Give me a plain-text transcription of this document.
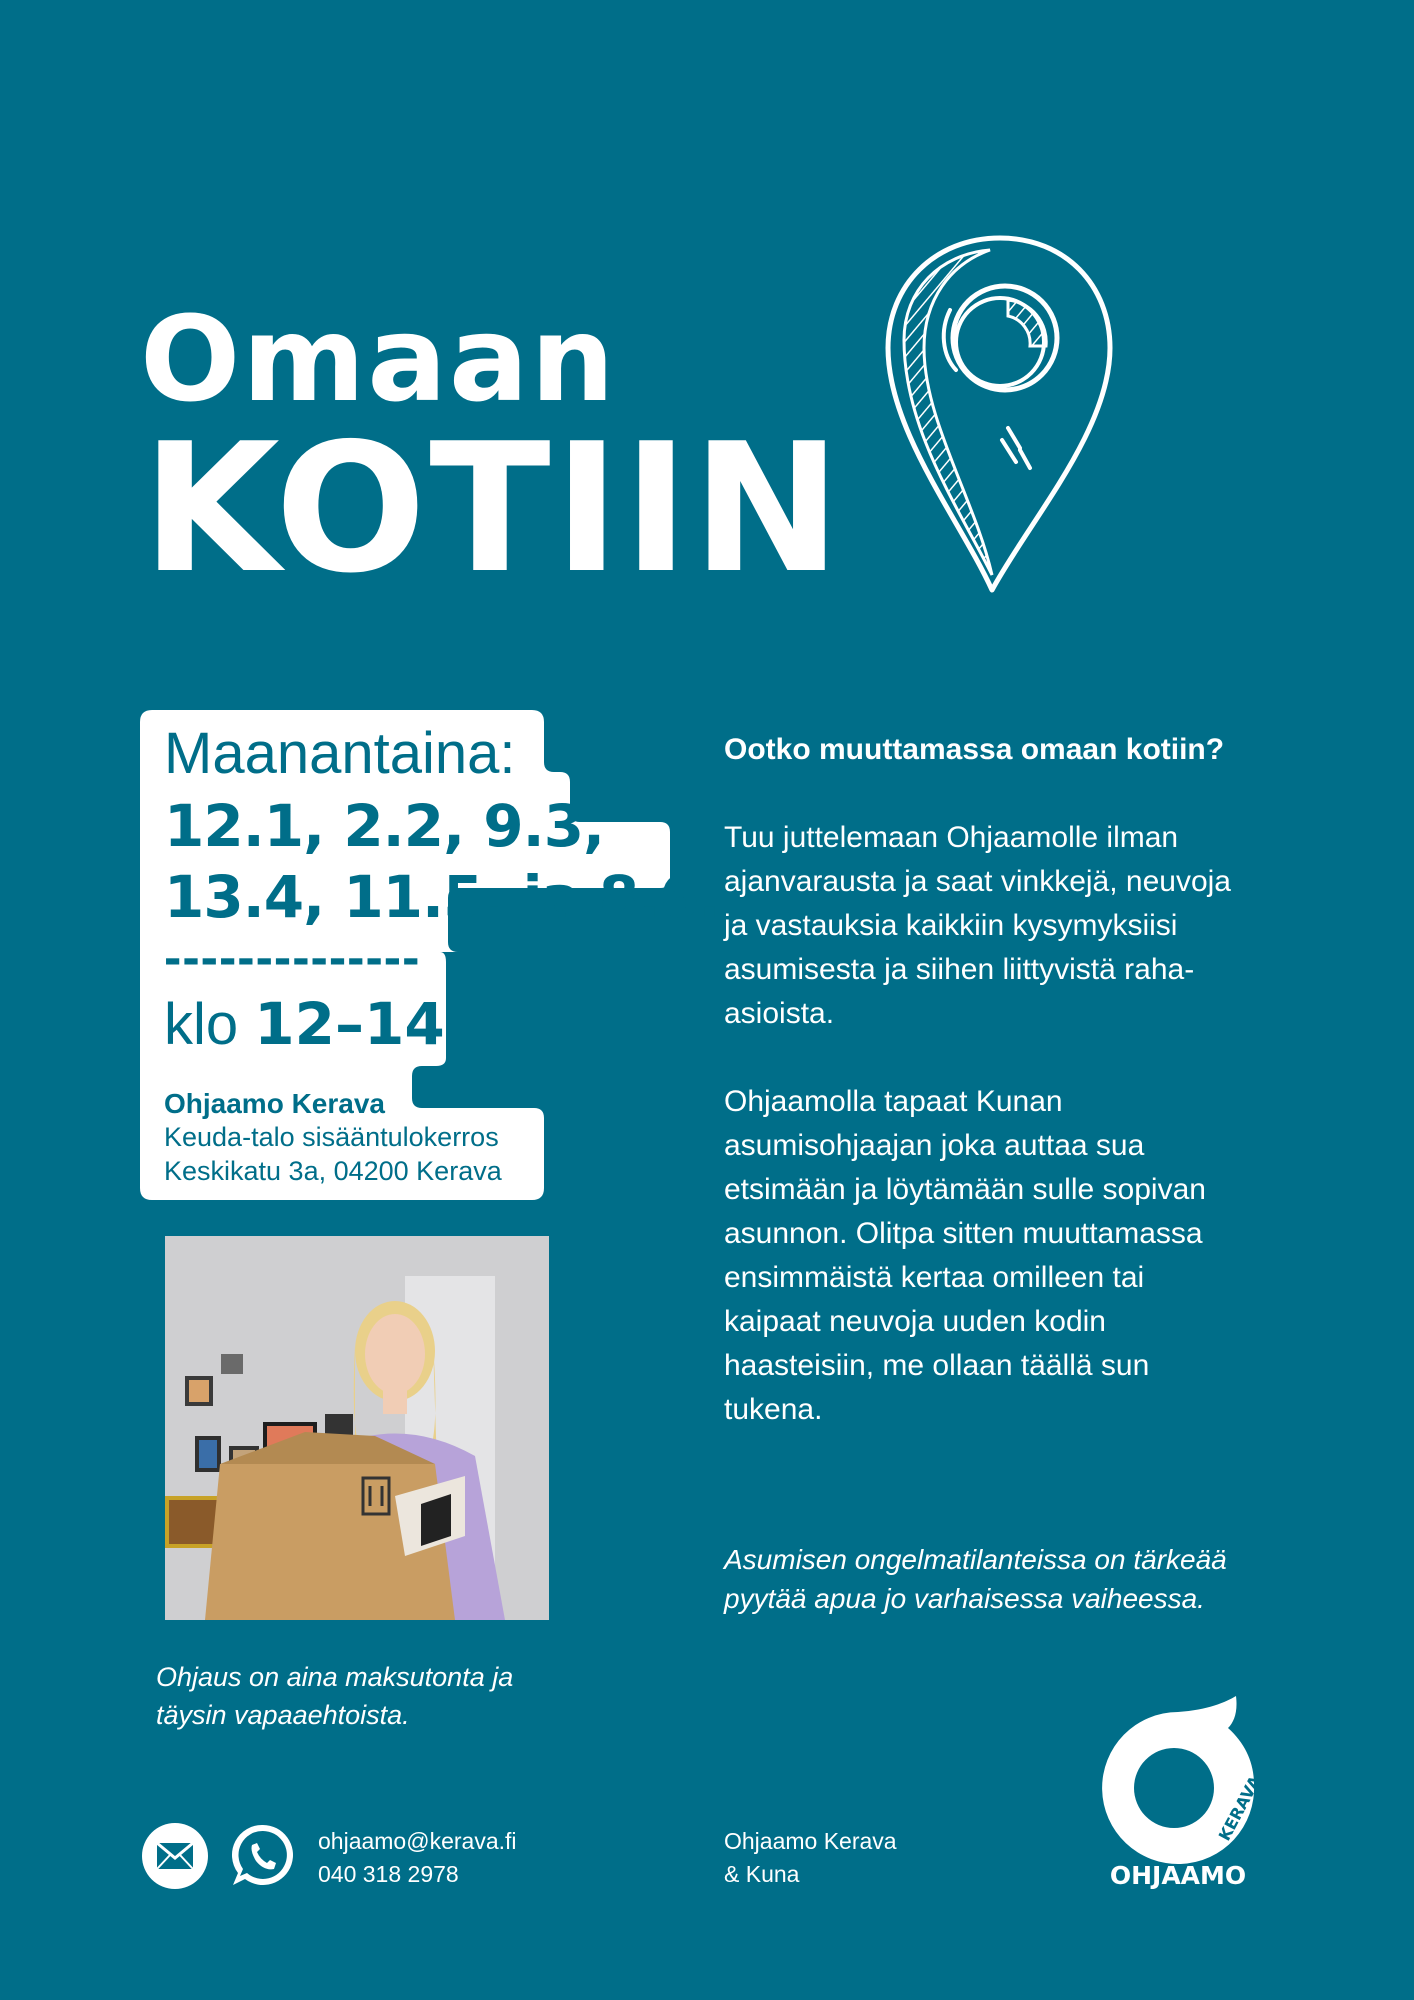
Omaan
KOTIIN
Maanantaina:
12.1, 2.2, 9.3,
13.4, 11.5. ja 8.6.
--------------
klo 12–14
Ohjaamo Kerava
Keuda-talo sisääntulokerros
Keskikatu 3a, 04200 Kerava
Ohjaus on aina maksutonta ja
täysin vapaaehtoista.
Ootko muuttamassa omaan kotiin?
Tuu juttelemaan Ohjaamolle ilman
ajanvarausta ja saat vinkkejä, neuvoja
ja vastauksia kaikkiin kysymyksiisi
asumisesta ja siihen liittyvistä raha-
asioista.
Ohjaamolla tapaat Kunan
asumisohjaajan joka auttaa sua
etsimään ja löytämään sulle sopivan
asunnon. Olitpa sitten muuttamassa
ensimmäistä kertaa omilleen tai
kaipaat neuvoja uuden kodin
haasteisiin, me ollaan täällä sun
tukena.
Asumisen ongelmatilanteissa on tärkeää
pyytää apua jo varhaisessa vaiheessa.
ohjaamo@kerava.fi
040 318 2978
Ohjaamo Kerava
& Kuna
KERAVA
OHJAAMO
